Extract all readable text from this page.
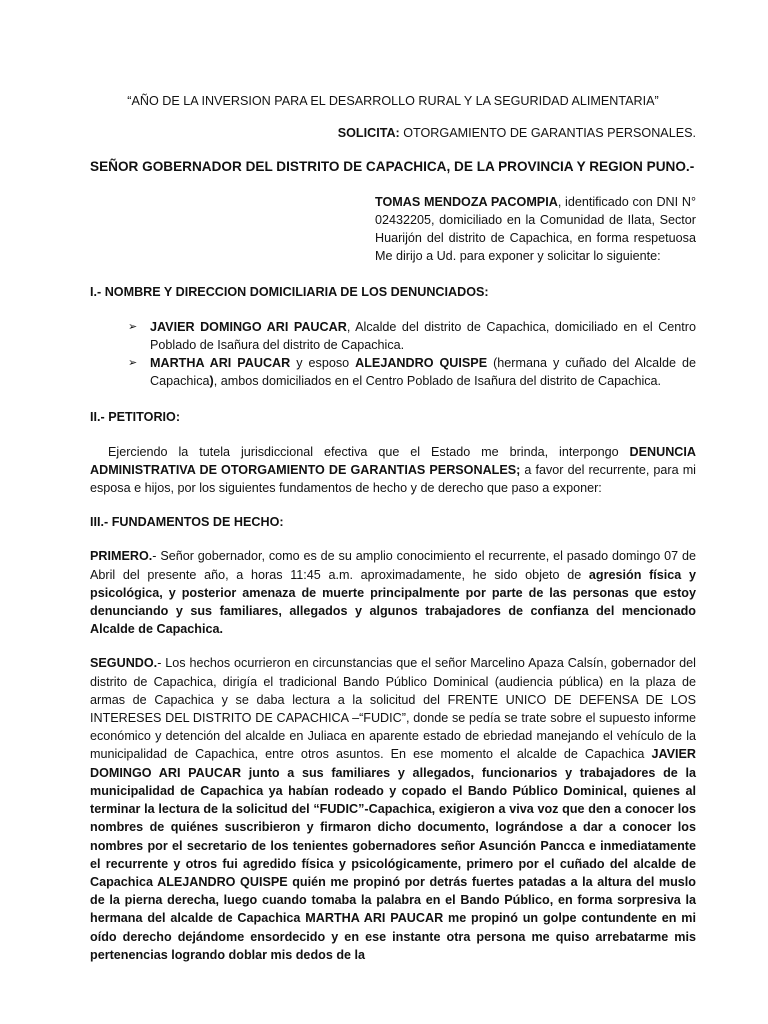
“AÑO DE LA INVERSION PARA EL DESARROLLO RURAL Y LA SEGURIDAD ALIMENTARIA”

SOLICITA: OTORGAMIENTO DE GARANTIAS PERSONALES.

SEÑOR GOBERNADOR DEL DISTRITO DE CAPACHICA, DE LA PROVINCIA Y REGION PUNO.-

TOMAS MENDOZA PACOMPIA, identificado con DNI N° 02432205, domiciliado en la Comunidad de Ilata, Sector Huarijón del distrito de Capachica, en forma respetuosa Me dirijo a Ud. para exponer y solicitar lo siguiente:

I.- NOMBRE Y DIRECCION DOMICILIARIA DE LOS DENUNCIADOS:

➢ JAVIER DOMINGO ARI PAUCAR, Alcalde del distrito de Capachica, domiciliado en el Centro Poblado de Isañura del distrito de Capachica.
➢ MARTHA ARI PAUCAR y esposo ALEJANDRO QUISPE (hermana y cuñado del Alcalde de Capachica), ambos domiciliados en el Centro Poblado de Isañura del distrito de Capachica.

II.- PETITORIO:

Ejerciendo la tutela jurisdiccional efectiva que el Estado me brinda, interpongo DENUNCIA ADMINISTRATIVA DE OTORGAMIENTO DE GARANTIAS PERSONALES; a favor del recurrente, para mi esposa e hijos, por los siguientes fundamentos de hecho y de derecho que paso a exponer:

III.- FUNDAMENTOS DE HECHO:

PRIMERO.- Señor gobernador, como es de su amplio conocimiento el recurrente, el pasado domingo 07 de Abril del presente año, a horas 11:45 a.m. aproximadamente, he sido objeto de agresión física y psicológica, y posterior amenaza de muerte principalmente por parte de las personas que estoy denunciando y sus familiares, allegados y algunos trabajadores de confianza del mencionado Alcalde de Capachica.

SEGUNDO.- Los hechos ocurrieron en circunstancias que el señor Marcelino Apaza Calsín, gobernador del distrito de Capachica, dirigía el tradicional Bando Público Dominical (audiencia pública) en la plaza de armas de Capachica y se daba lectura a la solicitud del FRENTE UNICO DE DEFENSA DE LOS INTERESES DEL DISTRITO DE CAPACHICA –“FUDIC”, donde se pedía se trate sobre el supuesto informe económico y detención del alcalde en Juliaca en aparente estado de ebriedad manejando el vehículo de la municipalidad de Capachica, entre otros asuntos. En ese momento el alcalde de Capachica JAVIER DOMINGO ARI PAUCAR junto a sus familiares y allegados, funcionarios y trabajadores de la municipalidad de Capachica ya habían rodeado y copado el Bando Público Dominical, quienes al terminar la lectura de la solicitud del “FUDIC”-Capachica, exigieron a viva voz que den a conocer los nombres de quiénes suscribieron y firmaron dicho documento, lográndose a dar a conocer los nombres por el secretario de los tenientes gobernadores señor Asunción Pancca e inmediatamente el recurrente y otros fui agredido física y psicológicamente, primero por el cuñado del alcalde de Capachica ALEJANDRO QUISPE quién me propinó por detrás fuertes patadas a la altura del muslo de la pierna derecha, luego cuando tomaba la palabra en el Bando Público, en forma sorpresiva la hermana del alcalde de Capachica MARTHA ARI PAUCAR me propinó un golpe contundente en mi oído derecho dejándome ensordecido y en ese instante otra persona me quiso arrebatarme mis pertenencias logrando doblar mis dedos de la
